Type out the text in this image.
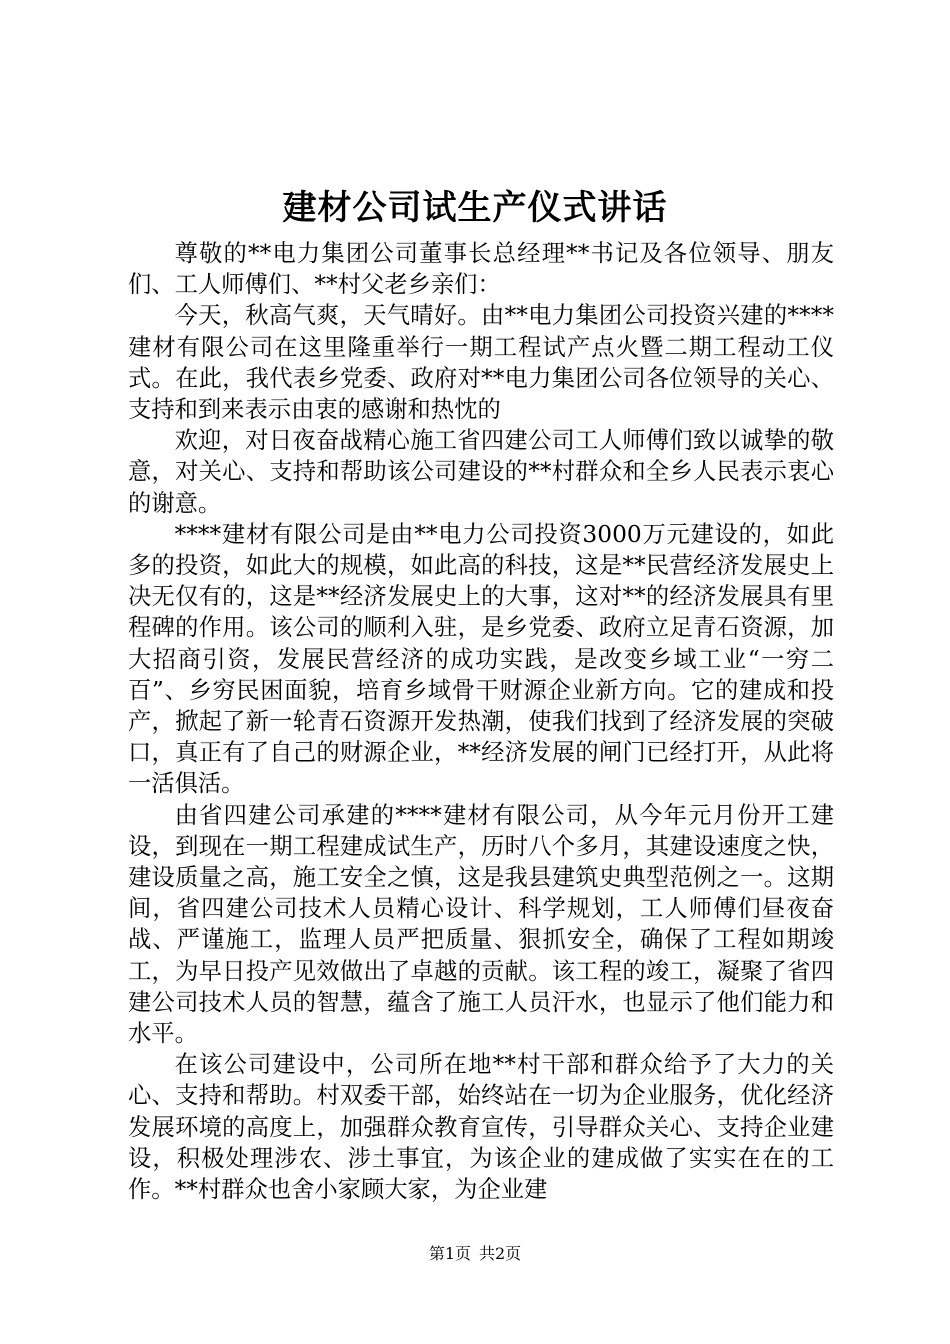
建材公司试生产仪式讲话

尊敬的**电力集团公司董事长总经理**书记及各位领导、朋友们、工人师傅们、**村父老乡亲们：

今天，秋高气爽，天气晴好。由**电力集团公司投资兴建的****建材有限公司在这里隆重举行一期工程试产点火暨二期工程动工仪式。在此，我代表乡党委、政府对**电力集团公司各位领导的关心、支持和到来表示由衷的感谢和热忱的

欢迎，对日夜奋战精心施工省四建公司工人师傅们致以诚挚的敬意，对关心、支持和帮助该公司建设的**村群众和全乡人民表示衷心的谢意。

****建材有限公司是由**电力公司投资3000万元建设的，如此多的投资，如此大的规模，如此高的科技，这是**民营经济发展史上决无仅有的，这是**经济发展史上的大事，这对**的经济发展具有里程碑的作用。该公司的顺利入驻，是乡党委、政府立足青石资源，加大招商引资，发展民营经济的成功实践，是改变乡域工业“一穷二百”、乡穷民困面貌，培育乡域骨干财源企业新方向。它的建成和投产，掀起了新一轮青石资源开发热潮，使我们找到了经济发展的突破口，真正有了自己的财源企业，**经济发展的闸门已经打开，从此将一活俱活。

由省四建公司承建的****建材有限公司，从今年元月份开工建设，到现在一期工程建成试生产，历时八个多月，其建设速度之快，建设质量之高，施工安全之慎，这是我县建筑史典型范例之一。这期间，省四建公司技术人员精心设计、科学规划，工人师傅们昼夜奋战、严谨施工，监理人员严把质量、狠抓安全，确保了工程如期竣工，为早日投产见效做出了卓越的贡献。该工程的竣工，凝聚了省四建公司技术人员的智慧，蕴含了施工人员汗水，也显示了他们能力和水平。

在该公司建设中，公司所在地**村干部和群众给予了大力的关心、支持和帮助。村双委干部，始终站在一切为企业服务，优化经济发展环境的高度上，加强群众教育宣传，引导群众关心、支持企业建设，积极处理涉农、涉土事宜，为该企业的建成做了实实在在的工作。**村群众也舍小家顾大家，为企业建

第1页 共2页
